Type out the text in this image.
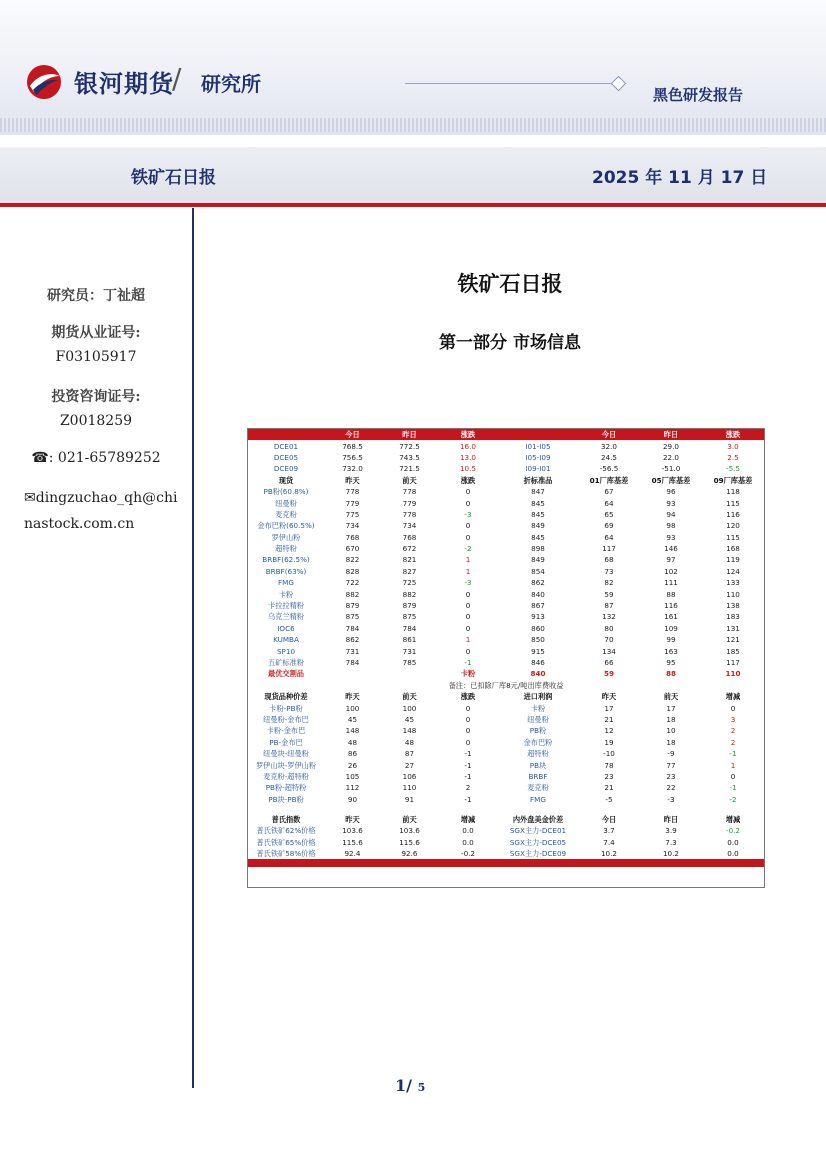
银河期货
/ 研究所	黑色研发报告
铁矿石日报	2025 年 11 月 17 日
研究员：丁祉超
期货从业证号:
F03105917
投资咨询证号:
Z0018259
☎: 021-65789252
✉dingzuchao_qh@chinastock.com.cn
铁矿石日报
第一部分 市场信息
	今日	昨日	涨跌		今日	昨日	涨跌
DCE01	768.5	772.5	16.0	I01-I05	32.0	29.0	3.0
DCE05	756.5	743.5	13.0	I05-I09	24.5	22.0	2.5
DCE09	732.0	721.5	10.5	I09-I01	-56.5	-51.0	-5.5
现货	昨天	前天	涨跌	折标准品	01厂库基差	05厂库基差	09厂库基差
PB粉(60.8%)	778	778	0	847	67	96	118
纽曼粉	779	779	0	845	64	93	115
麦克粉	775	778	-3	845	65	94	116
金布巴粉(60.5%)	734	734	0	849	69	98	120
罗伊山粉	768	768	0	845	64	93	115
超特粉	670	672	-2	898	117	146	168
BRBF(62.5%)	822	821	1	849	68	97	119
BRBF(63%)	828	827	1	854	73	102	124
FMG	722	725	-3	862	82	111	133
卡粉	882	882	0	840	59	88	110
卡拉拉精粉	879	879	0	867	87	116	138
乌克兰精粉	875	875	0	913	132	161	183
IOC6	784	784	0	860	80	109	131
KUMBA	862	861	1	850	70	99	121
SP10	731	731	0	915	134	163	185
五矿标准粉	784	785	-1	846	66	95	117
最优交割品			卡粉	840	59	88	110
备注：已扣除厂库8元/吨出库费收益							
现货品种价差	昨天	前天	涨跌	进口利润	昨天	前天	增减
卡粉-PB粉	100	100	0	卡粉	17	17	0
纽曼粉-金布巴	45	45	0	纽曼粉	21	18	3
卡粉-金布巴	148	148	0	PB粉	12	10	2
PB-金布巴	48	48	0	金布巴粉	19	18	2
纽曼块-纽曼粉	86	87	-1	超特粉	-10	-9	-1
罗伊山块-罗伊山粉	26	27	-1	PB块	78	77	1
麦克粉-超特粉	105	106	-1	BRBF	23	23	0
PB粉-超特粉	112	110	2	麦克粉	21	22	-1
PB块-PB粉	90	91	-1	FMG	-5	-3	-2

普氏指数	昨天	前天	增减	内外盘美金价差	今日	昨日	增减
普氏铁矿62%价格	103.6	103.6	0.0	SGX主力-DCE01	3.7	3.9	-0.2
普氏铁矿65%价格	115.6	115.6	0.0	SGX主力-DCE05	7.4	7.3	0.0
普氏铁矿58%价格	92.4	92.6	-0.2	SGX主力-DCE09	10.2	10.2	0.0

1/ 5
